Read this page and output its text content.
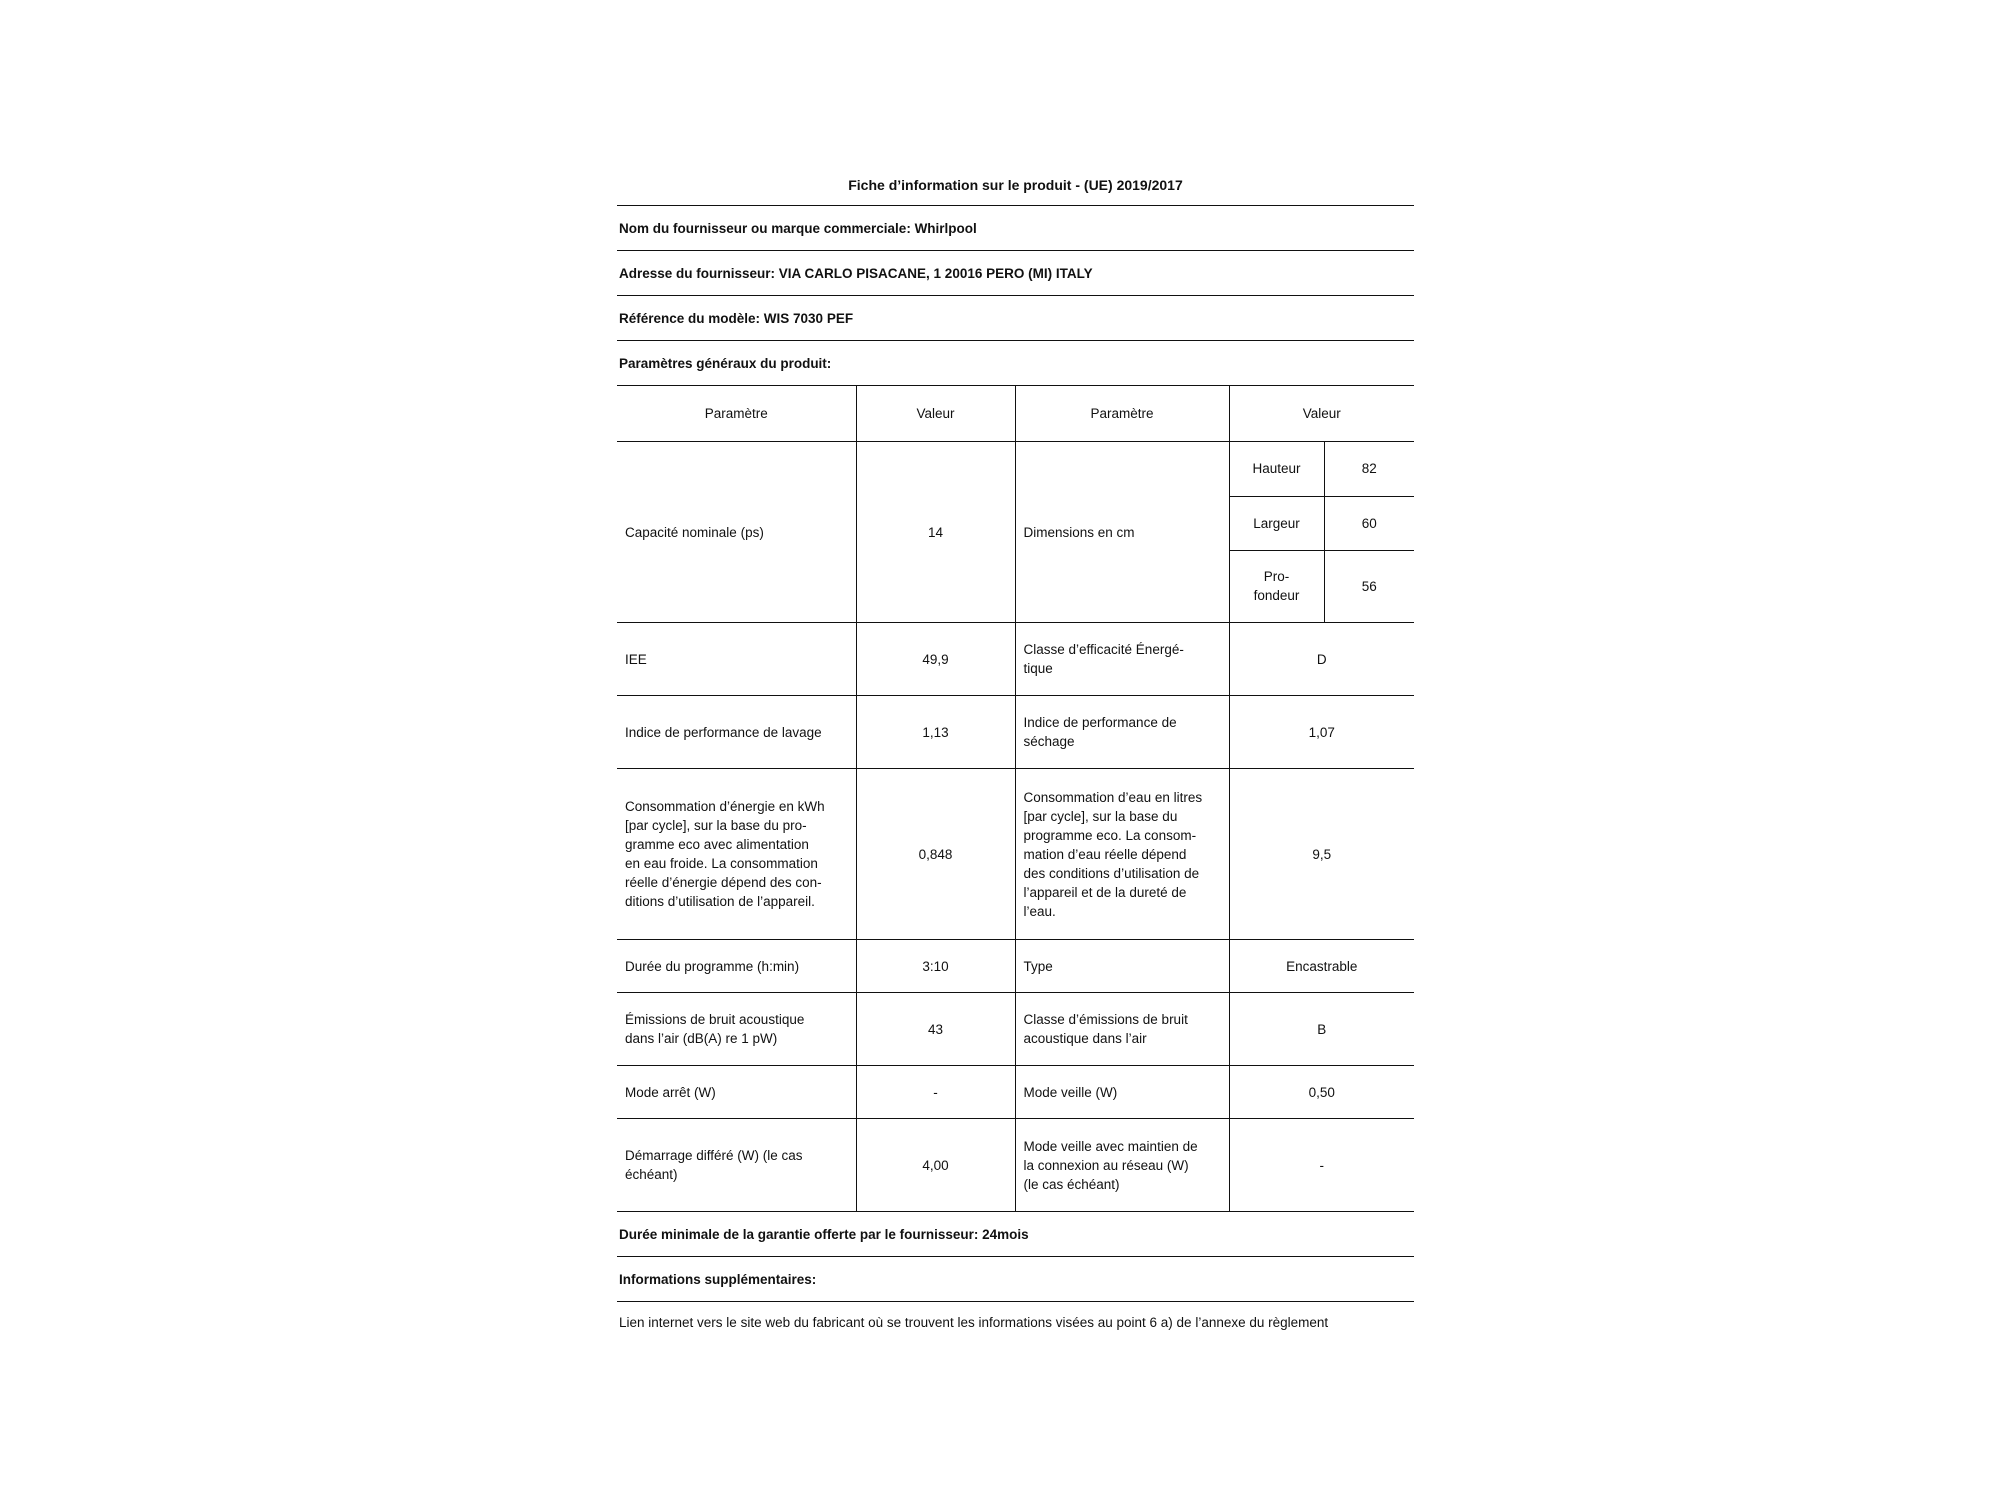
Fiche d’information sur le produit - (UE) 2019/2017
Nom du fournisseur ou marque commerciale: Whirlpool
Adresse du fournisseur: VIA CARLO PISACANE, 1 20016 PERO (MI) ITALY
Référence du modèle: WIS 7030 PEF
Paramètres généraux du produit:
Paramètre	Valeur	Paramètre	Valeur
Capacité nominale (ps)	14	Dimensions en cm	
Hauteur	82
Largeur	60
Pro-
fondeur	56

IEE	49,9	Classe d’efficacité Énergé-
tique	D
Indice de performance de lavage	1,13	Indice de performance de
séchage	1,07
Consommation d’énergie en kWh
[par cycle], sur la base du pro-
gramme eco avec alimentation
en eau froide. La consommation
réelle d’énergie dépend des con-
ditions d’utilisation de l’appareil.	0,848	Consommation d’eau en litres
[par cycle], sur la base du
programme eco. La consom-
mation d’eau réelle dépend
des conditions d’utilisation de
l’appareil et de la dureté de
l’eau.	9,5
Durée du programme (h:min)	3:10	Type	Encastrable
Émissions de bruit acoustique
dans l’air (dB(A) re 1 pW)	43	Classe d’émissions de bruit
acoustique dans l’air	B
Mode arrêt (W)	-	Mode veille (W)	0,50
Démarrage différé (W) (le cas
échéant)	4,00	Mode veille avec maintien de
la connexion au réseau (W)
(le cas échéant)	-
Durée minimale de la garantie offerte par le fournisseur: 24mois
Informations supplémentaires:
Lien internet vers le site web du fabricant où se trouvent les informations visées au point 6 a) de l’annexe du règlement
